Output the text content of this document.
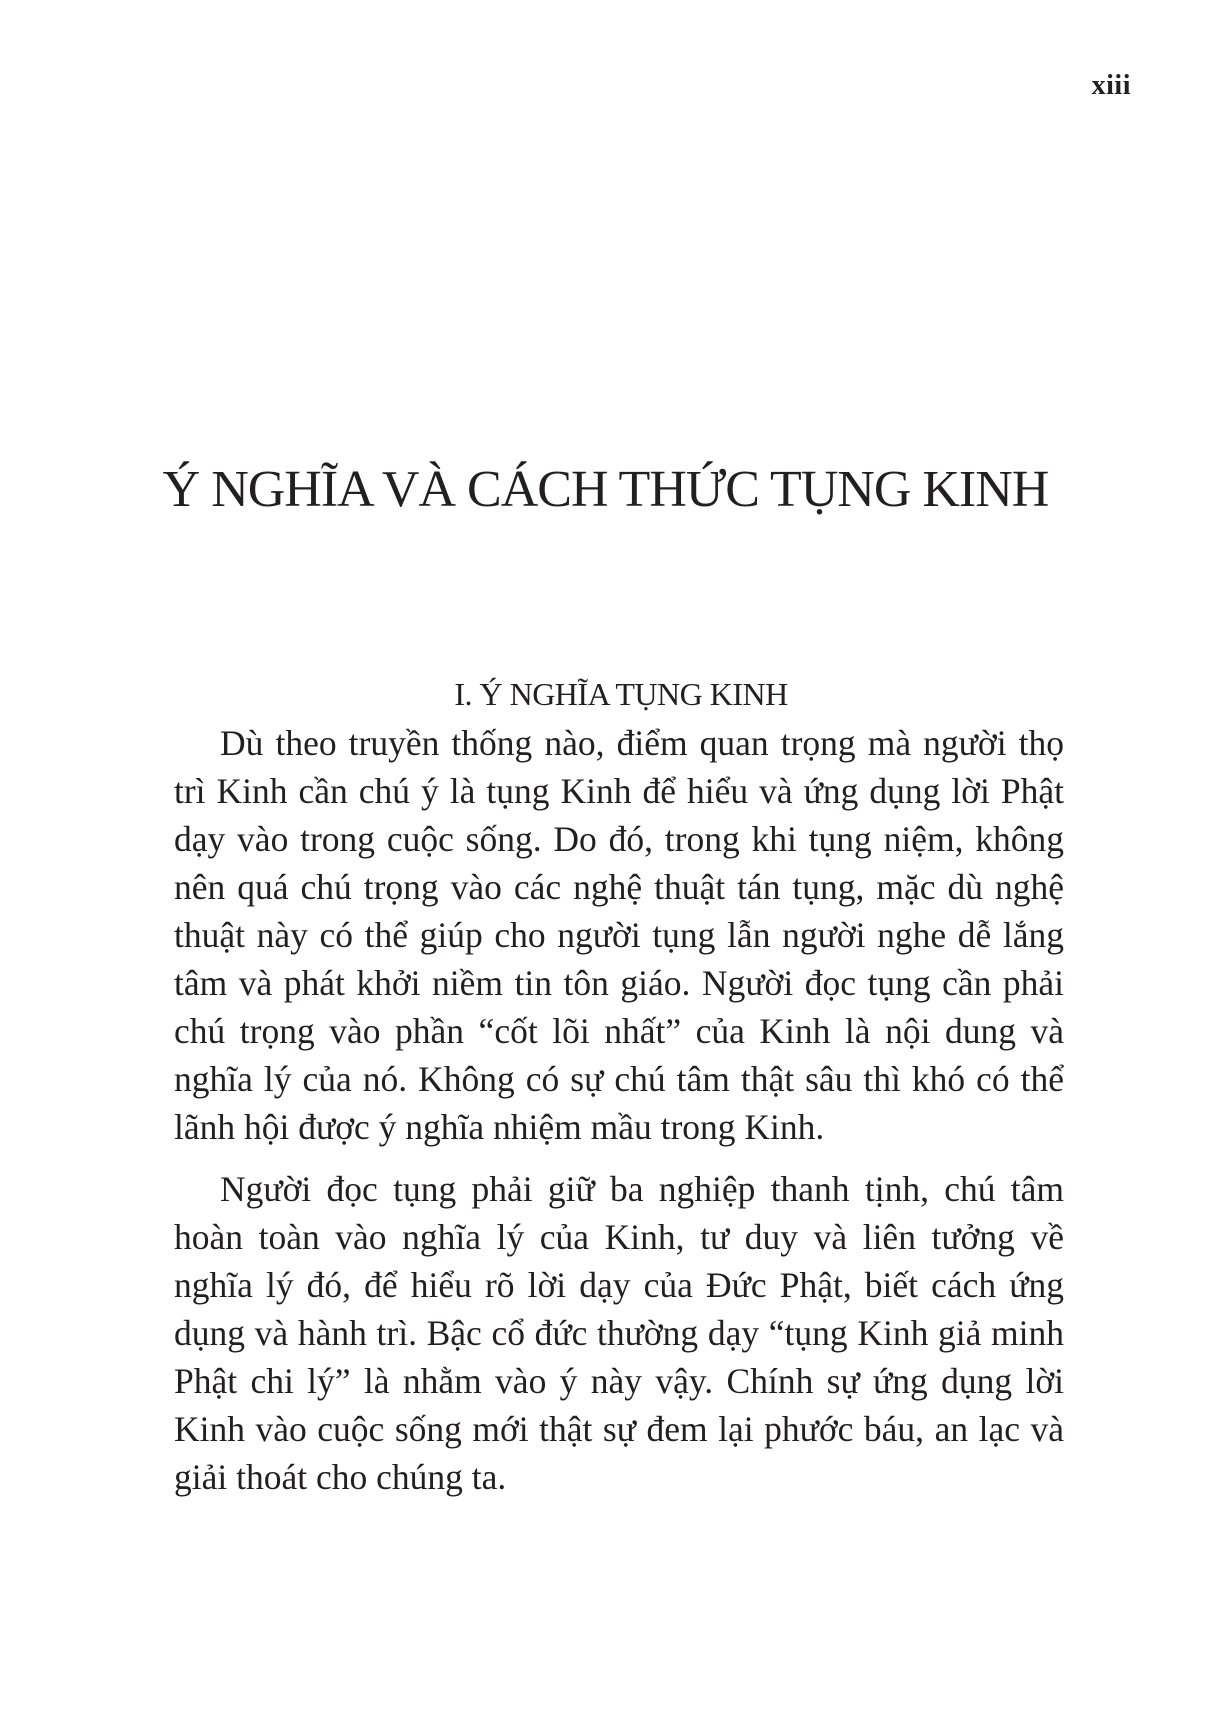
xiii
Ý NGHĨA VÀ CÁCH THỨC TỤNG KINH
I. Ý NGHĨA TỤNG KINH

Dù theo truyền thống nào, điểm quan trọng mà người thọ trì Kinh cần chú ý là tụng Kinh để hiểu và ứng dụng lời Phật dạy vào trong cuộc sống. Do đó, trong khi tụng niệm, không nên quá chú trọng vào các nghệ thuật tán tụng, mặc dù nghệ thuật này có thể giúp cho người tụng lẫn người nghe dễ lắng tâm và phát khởi niềm tin tôn giáo. Người đọc tụng cần phải chú trọng vào phần “cốt lõi nhất” của Kinh là nội dung và nghĩa lý của nó. Không có sự chú tâm thật sâu thì khó có thể lãnh hội được ý nghĩa nhiệm mầu trong Kinh.

Người đọc tụng phải giữ ba nghiệp thanh tịnh, chú tâm hoàn toàn vào nghĩa lý của Kinh, tư duy và liên tưởng về nghĩa lý đó, để hiểu rõ lời dạy của Đức Phật, biết cách ứng dụng và hành trì. Bậc cổ đức thường dạy “tụng Kinh giả minh Phật chi lý” là nhằm vào ý này vậy. Chính sự ứng dụng lời Kinh vào cuộc sống mới thật sự đem lại phước báu, an lạc và giải thoát cho chúng ta.
